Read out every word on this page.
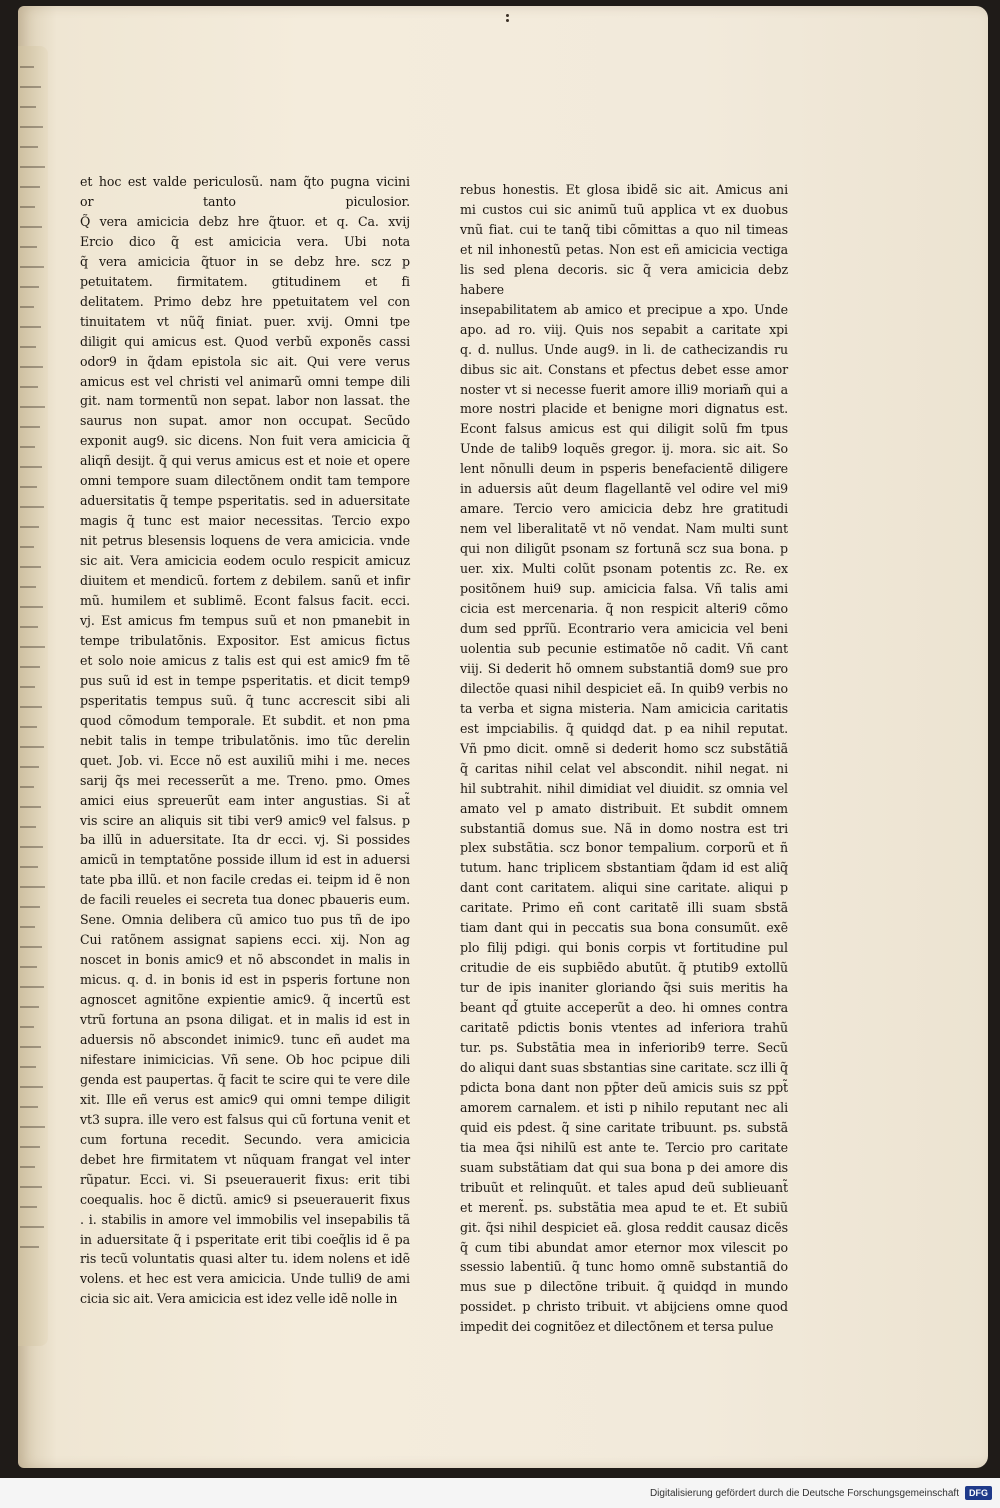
et hoc est valde periculosũ. nam q̃to pugna vicini

or tanto piculosior.

Q̃ vera amicicia debz hre q̃tuor. et q. Ca. xvij

Ercio dico q̃ est amicicia vera. Ubi nota

q̃ vera amicicia q̃tuor in se debz hre. scz p

petuitatem. firmitatem. gtitudinem et fi

delitatem. Primo debz hre ppetuitatem vel con

tinuitatem vt nũq̃ finiat. puer. xvij. Omni tpe

diligit qui amicus est. Quod verbũ exponẽs cassi

odor9 in q̃dam epistola sic ait. Qui vere verus

amicus est vel christi vel animarũ omni tempe dili

git. nam tormentũ non sepat. labor non lassat. the

saurus non supat. amor non occupat. Secũdo

exponit aug9. sic dicens. Non fuit vera amicicia q̃

aliqñ desijt. q̃ qui verus amicus est et noie et opere

omni tempore suam dilectõnem ondit tam tempore

aduersitatis q̃ tempe psperitatis. sed in aduersitate

magis q̃ tunc est maior necessitas. Tercio expo

nit petrus blesensis loquens de vera amicicia. vnde

sic ait. Vera amicicia eodem oculo respicit amicuz

diuitem et mendicũ. fortem z debilem. sanũ et infir

mũ. humilem et sublimẽ. Econt falsus facit. ecci.

vj. Est amicus fm tempus suũ et non pmanebit in

tempe tribulatõnis. Expositor. Est amicus fictus

et solo noie amicus z talis est qui est amic9 fm tẽ

pus suũ id est in tempe psperitatis. et dicit temp9

psperitatis tempus suũ. q̃ tunc accrescit sibi ali

quod cõmodum temporale. Et subdit. et non pma

nebit talis in tempe tribulatõnis. imo tũc derelin

quet. Job. vi. Ecce nõ est auxiliũ mihi i me. neces

sarij q̃s mei recesserũt a me. Treno. pmo. Omes

amici eius spreuerũt eam inter angustias. Si at̃

vis scire an aliquis sit tibi ver9 amic9 vel falsus. p

ba illũ in aduersitate. Ita dr ecci. vj. Si possides

amicũ in temptatõne posside illum id est in aduersi

tate pba illũ. et non facile credas ei. teipm id ẽ non

de facili reueles ei secreta tua donec pbaueris eum.

Sene. Omnia delibera cũ amico tuo pus tñ de ipo

Cui ratõnem assignat sapiens ecci. xij. Non ag

noscet in bonis amic9 et nõ abscondet in malis in

micus. q. d. in bonis id est in psperis fortune non

agnoscet agnitõne expientie amic9. q̃ incertũ est

vtrũ fortuna an psona diligat. et in malis id est in

aduersis nõ abscondet inimic9. tunc eñ audet ma

nifestare inimicicias. Vñ sene. Ob hoc pcipue dili

genda est paupertas. q̃ facit te scire qui te vere dile

xit. Ille eñ verus est amic9 qui omni tempe diligit

vt3 supra. ille vero est falsus qui cũ fortuna venit et

cum fortuna recedit. Secundo. vera amicicia

debet hre firmitatem vt nũquam frangat vel inter

rũpatur. Ecci. vi. Si pseuerauerit fixus: erit tibi

coequalis. hoc ẽ dictũ. amic9 si pseuerauerit fixus

. i. stabilis in amore vel immobilis vel insepabilis tã

in aduersitate q̃ i psperitate erit tibi coeq̃lis id ẽ pa

ris tecũ voluntatis quasi alter tu. idem nolens et idẽ

volens. et hec est vera amicicia. Unde tulli9 de ami

cicia sic ait. Vera amicicia est idez velle idẽ nolle in

rebus honestis. Et glosa ibidẽ sic ait. Amicus ani

mi custos cui sic animũ tuũ applica vt ex duobus

vnũ fiat. cui te tanq̃ tibi cõmittas a quo nil timeas

et nil inhonestũ petas. Non est eñ amicicia vectiga

lis sed plena decoris. sic q̃ vera amicicia debz habere

insepabilitatem ab amico et precipue a xpo. Unde

apo. ad ro. viij. Quis nos sepabit a caritate xpi

q. d. nullus. Unde aug9. in li. de cathecizandis ru

dibus sic ait. Constans et pfectus debet esse amor

noster vt si necesse fuerit amore illi9 moriam̃ qui a

more nostri placide et benigne mori dignatus est.

Econt falsus amicus est qui diligit solũ fm tpus

Unde de talib9 loquẽs gregor. ij. mora. sic ait. So

lent nõnulli deum in psperis benefacientẽ diligere

in aduersis aũt deum flagellantẽ vel odire vel mi9

amare. Tercio vero amicicia debz hre gratitudi

nem vel liberalitatẽ vt nõ vendat. Nam multi sunt

qui non diligũt psonam sz fortunã scz sua bona. p

uer. xix. Multi colũt psonam potentis zc. Re. ex

positõnem hui9 sup. amicicia falsa. Vñ talis ami

cicia est mercenaria. q̃ non respicit alteri9 cõmo

dum sed pprĩũ. Econtrario vera amicicia vel beni

uolentia sub pecunie estimatõe nõ cadit. Vñ cant

viij. Si dederit hõ omnem substantiã dom9 sue pro

dilectõe quasi nihil despiciet eã. In quib9 verbis no

ta verba et signa misteria. Nam amicicia caritatis

est impciabilis. q̃ quidqd dat. p ea nihil reputat.

Vñ pmo dicit. omnẽ si dederit homo scz substãtiã

q̃ caritas nihil celat vel abscondit. nihil negat. ni

hil subtrahit. nihil dimidiat vel diuidit. sz omnia vel

amato vel p amato distribuit. Et subdit omnem

substantiã domus sue. Nã in domo nostra est tri

plex substãtia. scz bonor tempalium. corporũ et ñ

tutum. hanc triplicem sbstantiam q̃dam id est aliq̃

dant cont caritatem. aliqui sine caritate. aliqui p

caritate. Primo eñ cont caritatẽ illi suam sbstã

tiam dant qui in peccatis sua bona consumũt. exẽ

plo filij pdigi. qui bonis corpis vt fortitudine pul

critudie de eis supbiẽdo abutũt. q̃ ptutib9 extollũ

tur de ipis inaniter gloriando q̃si suis meritis ha

beant qd̃ gtuite acceperũt a deo. hi omnes contra

caritatẽ pdictis bonis vtentes ad inferiora trahũ

tur. ps. Substãtia mea in inferiorib9 terre. Secũ

do aliqui dant suas sbstantias sine caritate. scz illi q̃

pdicta bona dant non pp̃ter deũ amicis suis sz ppt̃

amorem carnalem. et isti p nihilo reputant nec ali

quid eis pdest. q̃ sine caritate tribuunt. ps. substã

tia mea q̃si nihilũ est ante te. Tercio pro caritate

suam substãtiam dat qui sua bona p dei amore dis

tribuũt et relinquũt. et tales apud deũ sublieuant̃

et merent̃. ps. substãtia mea apud te et. Et subiũ

git. q̃si nihil despiciet eã. glosa reddit causaz dicẽs

q̃ cum tibi abundat amor eternor mox vilescit po

ssessio labentiũ. q̃ tunc homo omnẽ substantiã do

mus sue p dilectõne tribuit. q̃ quidqd in mundo

possidet. p christo tribuit. vt abijciens omne quod

impedit dei cognitõez et dilectõnem et tersa pulue

Digitalisierung gefördert durch die Deutsche Forschungsgemeinschaft	DFG
